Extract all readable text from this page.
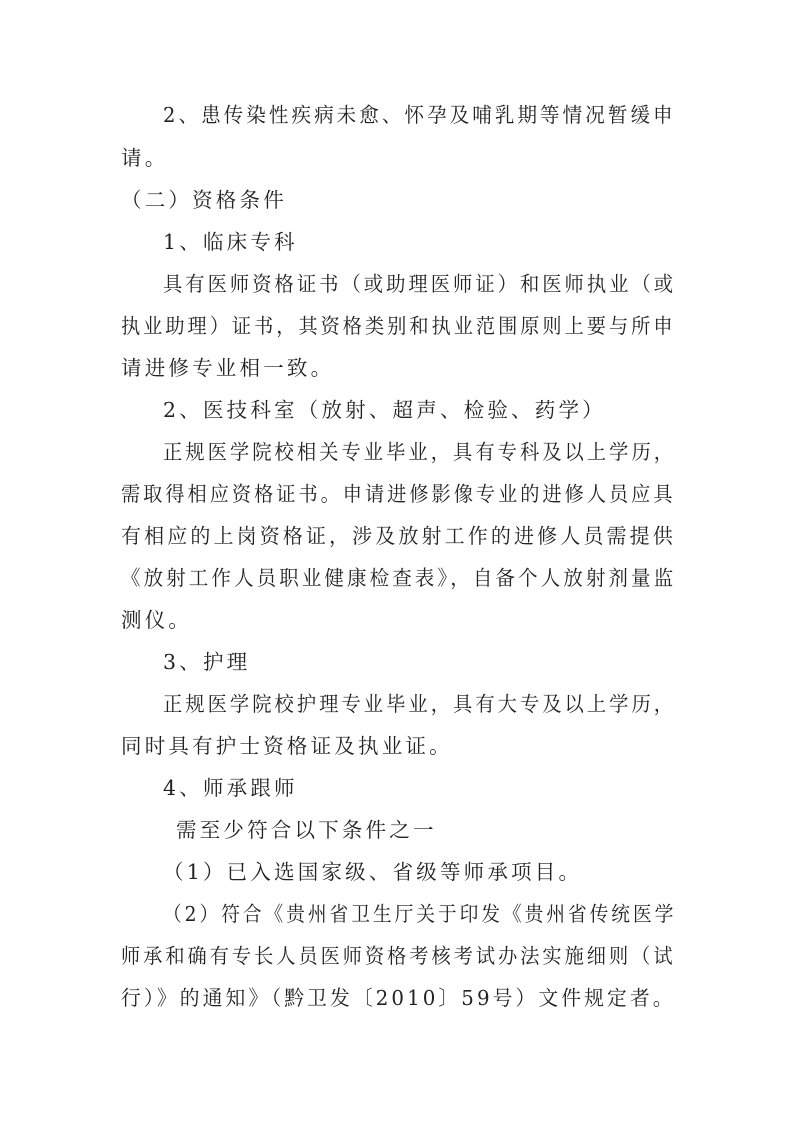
2、患传染性疾病未愈、怀孕及哺乳期等情况暂缓申
请。
（二）资格条件
1、临床专科
具有医师资格证书（或助理医师证）和医师执业（或
执业助理）证书，其资格类别和执业范围原则上要与所申
请进修专业相一致。
2、医技科室（放射、超声、检验、药学）
正规医学院校相关专业毕业，具有专科及以上学历，
需取得相应资格证书。申请进修影像专业的进修人员应具
有相应的上岗资格证，涉及放射工作的进修人员需提供
《放射工作人员职业健康检查表》，自备个人放射剂量监
测仪。
3、护理
正规医学院校护理专业毕业，具有大专及以上学历，
同时具有护士资格证及执业证。
4、师承跟师
需至少符合以下条件之一
（1）已入选国家级、省级等师承项目。
（2）符合《贵州省卫生厅关于印发《贵州省传统医学
师承和确有专长人员医师资格考核考试办法实施细则（试
行）》的通知》（黔卫发〔2010〕59号）文件规定者。
